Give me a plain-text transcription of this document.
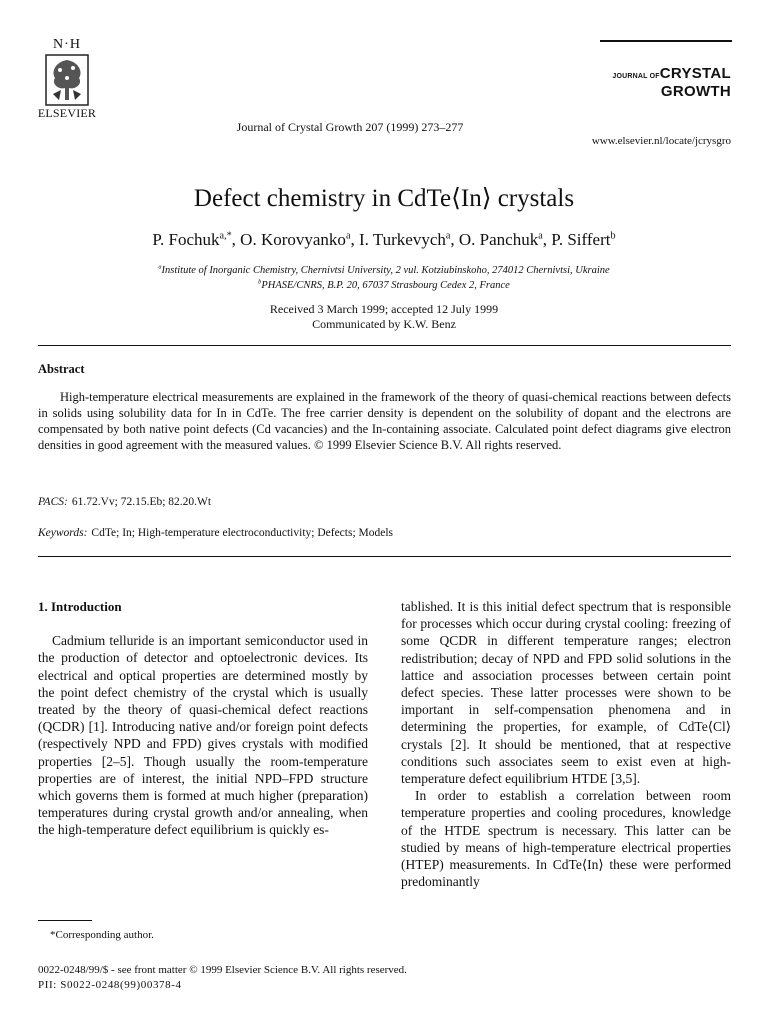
N·H
ELSEVIER
Journal of Crystal Growth 207 (1999) 273–277
JOURNAL OFCRYSTAL
GROWTH
www.elsevier.nl/locate/jcrysgro
Defect chemistry in CdTe⟨In⟩ crystals
P. Fochuk$^{a,*}$, O. Korovyanko$^a$, I. Turkevych$^a$, O. Panchuk$^a$, P. Siffert$^b$
$^a$Institute of Inorganic Chemistry, Chernivtsi University, 2 vul. Kotziubinskoho, 274012 Chernivtsi, Ukraine
$^b$PHASE/CNRS, B.P. 20, 67037 Strasbourg Cedex 2, France
Received 3 March 1999; accepted 12 July 1999
Communicated by K.W. Benz
Abstract

High-temperature electrical measurements are explained in the framework of the theory of quasi-chemical reactions between defects in solids using solubility data for In in CdTe. The free carrier density is dependent on the solubility of dopant and the electrons are compensated by both native point defects (Cd vacancies) and the In-containing associate. Calculated point defect diagrams give electron densities in good agreement with the measured values. © 1999 Elsevier Science B.V. All rights reserved.

PACS: 61.72.Vv; 72.15.Eb; 82.20.Wt
Keywords: CdTe; In; High-temperature electroconductivity; Defects; Models

1. Introduction

Cadmium telluride is an important semiconductor used in the production of detector and optoelectronic devices. Its electrical and optical properties are determined mostly by the point defect chemistry of the crystal which is usually treated by the theory of quasi-chemical defect reactions (QCDR) [1]. Introducing native and/or foreign point defects (respectively NPD and FPD) gives crystals with modified properties [2–5]. Though usually the room-temperature properties are of interest, the initial NPD–FPD structure which governs them is formed at much higher (preparation) temperatures during crystal growth and/or annealing, when the high-temperature defect equilibrium is quickly es-

tablished. It is this initial defect spectrum that is responsible for processes which occur during crystal cooling: freezing of some QCDR in different temperature ranges; electron redistribution; decay of NPD and FPD solid solutions in the lattice and association processes between certain point defect species. These latter processes were shown to be important in self-compensation phenomena and in determining the properties, for example, of CdTe⟨Cl⟩ crystals [2]. It should be mentioned, that at respective conditions such associates seem to exist even at high-temperature defect equilibrium HTDE [3,5].

In order to establish a correlation between room temperature properties and cooling procedures, knowledge of the HTDE spectrum is necessary. This latter can be studied by means of high-temperature electrical properties (HTEP) measurements. In CdTe⟨In⟩ these were performed predominantly

*Corresponding author.
0022-0248/99/$ - see front matter © 1999 Elsevier Science B.V. All rights reserved.
PII: S0022-0248(99)00378-4
